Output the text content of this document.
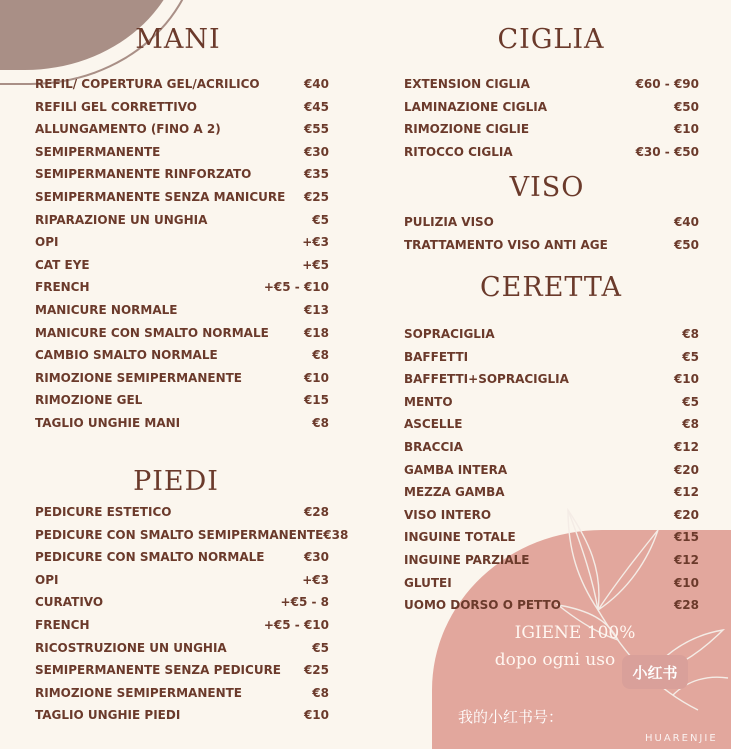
MANI
REFIL/ COPERTURA GEL/ACRILICO	€40
REFILl GEL CORRETTIVO	€45
ALLUNGAMENTO (FINO A 2)	€55
SEMIPERMANENTE	€30
SEMIPERMANENTE RINFORZATO	€35
SEMIPERMANENTE SENZA MANICURE €25
RIPARAZIONE UN UNGHIA	€5
OPI	+€3
CAT EYE	+€5
FRENCH	+€5 - €10
MANICURE NORMALE	€13
MANICURE CON SMALTO NORMALE	€18
CAMBIO SMALTO NORMALE	€8
RIMOZIONE SEMIPERMANENTE	€10
RIMOZIONE GEL	€15
TAGLIO UNGHIE MANI	€8
PIEDI
PEDICURE ESTETICO	€28
PEDICURE CON SMALTO SEMIPERMANENTE €38
PEDICURE CON SMALTO NORMALE	€30
OPI	+€3
CURATIVO	+€5 - 8
FRENCH	+€5 - €10
RICOSTRUZIONE UN UNGHIA	€5
SEMIPERMANENTE SENZA PEDICURE €25
RIMOZIONE SEMIPERMANENTE	€8
TAGLIO UNGHIE PIEDI	€10
CIGLIA
EXTENSION CIGLIA	€60 - €90
LAMINAZIONE CIGLIA	€50
RIMOZIONE CIGLIE	€10
RITOCCO CIGLIA	€30 - €50
VISO
PULIZIA VISO	€40
TRATTAMENTO VISO ANTI AGE	€50
CERETTA
SOPRACIGLIA	€8
BAFFETTI	€5
BAFFETTI+SOPRACIGLIA	€10
MENTO	€5
ASCELLE	€8
BRACCIA	€12
GAMBA INTERA	€20
MEZZA GAMBA	€12
VISO INTERO	€20
INGUINE TOTALE	€15
INGUINE PARZIALE	€12
GLUTEI	€10
UOMO DORSO O PETTO	€28
IGIENE 100%
dopo ogni uso
小红书
我的小红书号：
HUARENJIE
